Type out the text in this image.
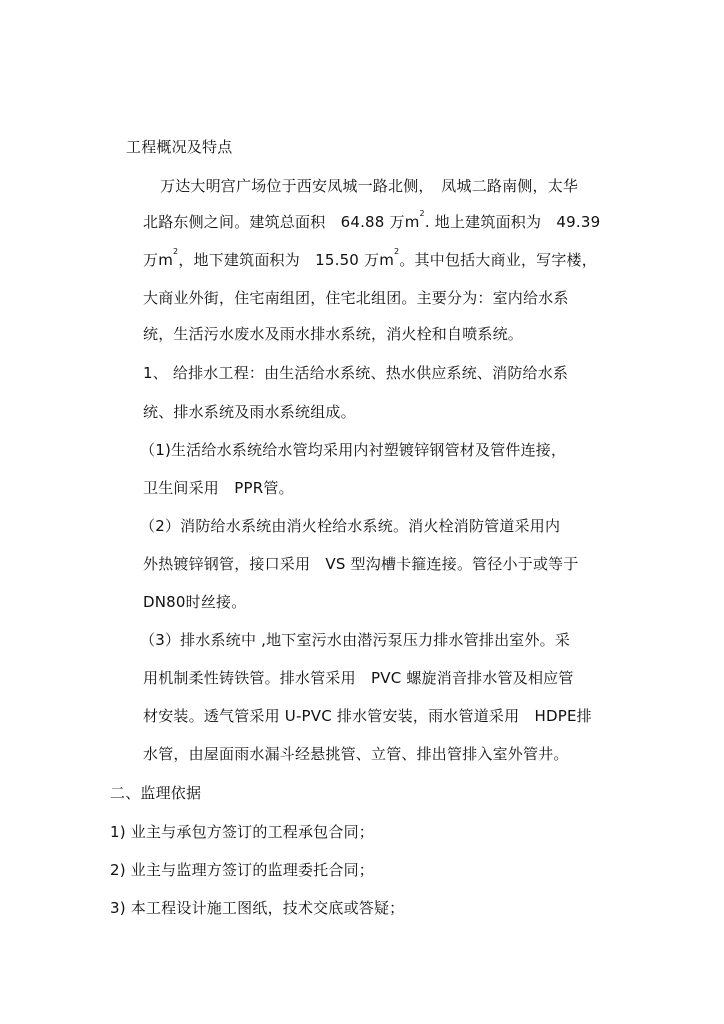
工程概况及特点
万达大明宫广场位于西安凤城一路北侧，　凤城二路南侧，太华
北路东侧之间。建筑总面积　64.88 万$m^2$. 地上建筑面积为　49.39
万$m^2$，地下建筑面积为　15.50 万$m^2$。其中包括大商业，写字楼，
大商业外街，住宅南组团，住宅北组团。主要分为：室内给水系
统，生活污水废水及雨水排水系统，消火栓和自喷系统。
1、 给排水工程：由生活给水系统、热水供应系统、消防给水系
统、排水系统及雨水系统组成。
（1)生活给水系统给水管均采用内衬塑镀锌钢管材及管件连接，
卫生间采用　PPR管。
（2）消防给水系统由消火栓给水系统。消火栓消防管道采用内
外热镀锌钢管，接口采用　VS 型沟槽卡箍连接。管径小于或等于
DN80时丝接。
（3）排水系统中 ,地下室污水由潜污泵压力排水管排出室外。采
用机制柔性铸铁管。排水管采用　PVC 螺旋消音排水管及相应管
材安装。透气管采用 U-PVC 排水管安装，雨水管道采用　HDPE排
水管，由屋面雨水漏斗经悬挑管、立管、排出管排入室外管井。
二、监理依据
1) 业主与承包方签订的工程承包合同；
2) 业主与监理方签订的监理委托合同；
3) 本工程设计施工图纸，技术交底或答疑；
